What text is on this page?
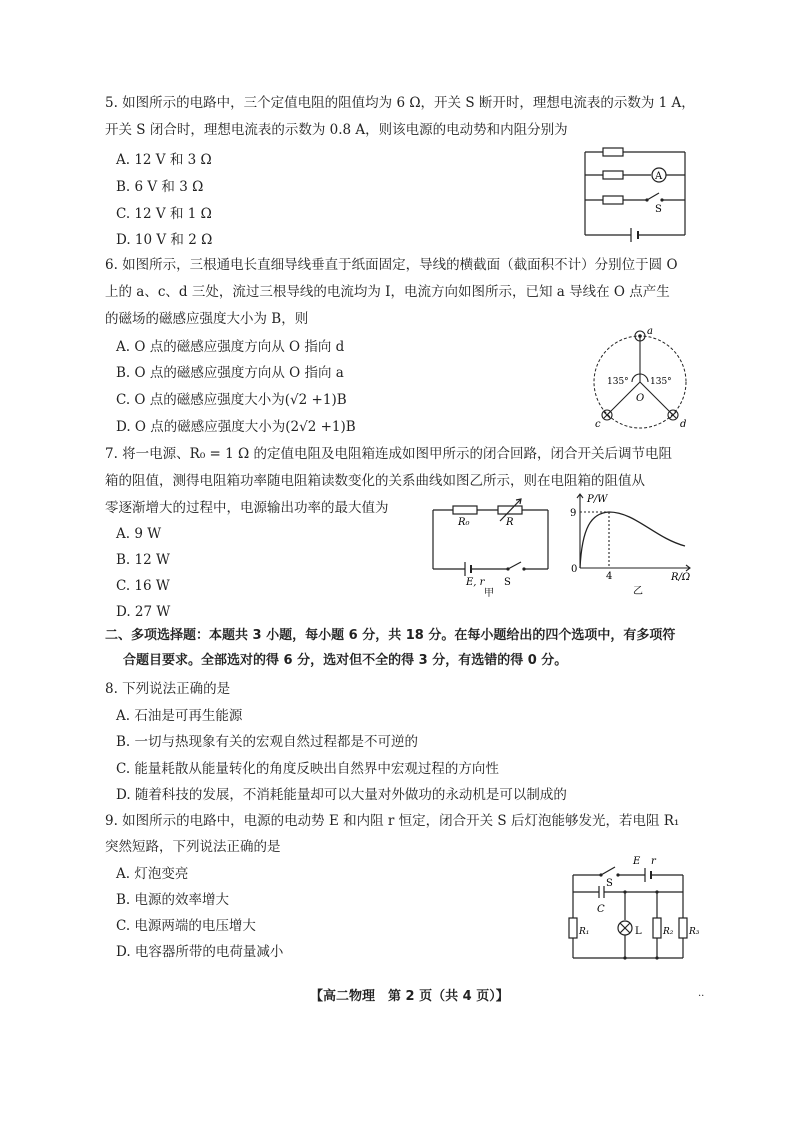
5. 如图所示的电路中，三个定值电阻的阻值均为 6 Ω，开关 S 断开时，理想电流表的示数为 1 A，
开关 S 闭合时，理想电流表的示数为 0.8 A，则该电源的电动势和内阻分别为
A. 12 V 和 3 Ω
B. 6 V 和 3 Ω
C. 12 V 和 1 Ω
D. 10 V 和 2 Ω
A
S
6. 如图所示，三根通电长直细导线垂直于纸面固定，导线的横截面（截面积不计）分别位于圆 O
上的 a、c、d 三处，流过三根导线的电流均为 I，电流方向如图所示，已知 a 导线在 O 点产生
的磁场的磁感应强度大小为 B，则
A. O 点的磁感应强度方向从 O 指向 d
B. O 点的磁感应强度方向从 O 指向 a
C. O 点的磁感应强度大小为(√2 +1)B
D. O 点的磁感应强度大小为(2√2 +1)B
a
c	d
O
135° 135°
7. 将一电源、R₀ = 1 Ω 的定值电阻及电阻箱连成如图甲所示的闭合回路，闭合开关后调节电阻
箱的阻值，测得电阻箱功率随电阻箱读数变化的关系曲线如图乙所示，则在电阻箱的阻值从
零逐渐增大的过程中，电源输出功率的最大值为
A. 9 W
B. 12 W
C. 16 W
D. 27 W
R₀	R
E, r S
甲
P/W
R/Ω
9
4
0
乙
二、多项选择题：本题共 3 小题，每小题 6 分，共 18 分。在每小题给出的四个选项中，有多项符
合题目要求。全部选对的得 6 分，选对但不全的得 3 分，有选错的得 0 分。
8. 下列说法正确的是
A. 石油是可再生能源
B. 一切与热现象有关的宏观自然过程都是不可逆的
C. 能量耗散从能量转化的角度反映出自然界中宏观过程的方向性
D. 随着科技的发展，不消耗能量却可以大量对外做功的永动机是可以制成的
9. 如图所示的电路中，电源的电动势 E 和内阻 r 恒定，闭合开关 S 后灯泡能够发光，若电阻 R₁
突然短路，下列说法正确的是
A. 灯泡变亮
B. 电源的效率增大
C. 电源两端的电压增大
D. 电容器所带的电荷量减小
E r
S
C
R₁	L R₂ R₃
【高二物理　第 2 页（共 4 页）】	..
